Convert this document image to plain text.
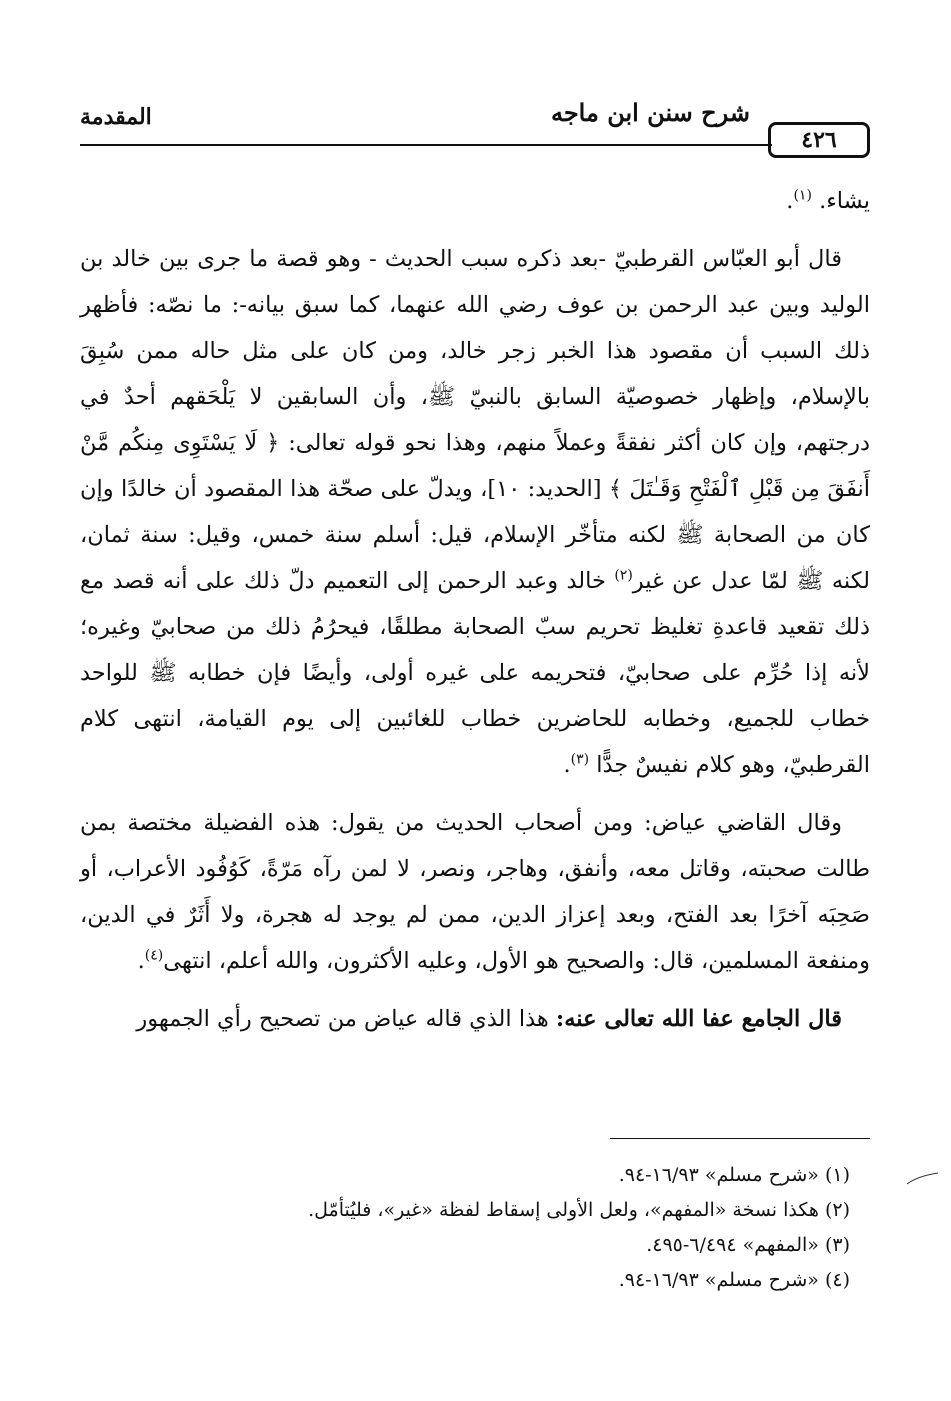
٤٢٦
شرح سنن ابن ماجه
المقدمة

يشاء. $^{(١)}$.

قال أبو العبّاس القرطبيّ -بعد ذكره سبب الحديث - وهو قصة ما جرى بين خالد بن الوليد وبين عبد الرحمن بن عوف رضي الله عنهما، كما سبق بيانه-: ما نصّه: فأظهر ذلك السبب أن مقصود هذا الخبر زجر خالد، ومن كان على مثل حاله ممن سُبِقَ بالإسلام، وإظهار خصوصيّة السابق بالنبيّ ﷺ، وأن السابقين لا يَلْحَقهم أحدٌ في درجتهم، وإن كان أكثر نفقةً وعملاً منهم، وهذا نحو قوله تعالى: ﴿ لَا يَسْتَوِى مِنكُم مَّنْ أَنفَقَ مِن قَبْلِ ٱلْفَتْحِ وَقَـٰتَلَ ﴾ [الحديد: ١٠]، ويدلّ على صحّة هذا المقصود أن خالدًا وإن كان من الصحابة ﷺ لكنه متأخّر الإسلام، قيل: أسلم سنة خمس، وقيل: سنة ثمان، لكنه ﷺ لمّا عدل عن غير$^{(٢)}$ خالد وعبد الرحمن إلى التعميم دلّ ذلك على أنه قصد مع ذلك تقعيد قاعدةِ تغليظ تحريم سبّ الصحابة مطلقًا، فيحرُمُ ذلك من صحابيّ وغيره؛ لأنه إذا حُرِّم على صحابيّ، فتحريمه على غيره أولى، وأيضًا فإن خطابه ﷺ للواحد خطاب للجميع، وخطابه للحاضرين خطاب للغائبين إلى يوم القيامة، انتهى كلام القرطبيّ، وهو كلام نفيسٌ جدًّا $^{(٣)}$.

وقال القاضي عياض: ومن أصحاب الحديث من يقول: هذه الفضيلة مختصة بمن طالت صحبته، وقاتل معه، وأنفق، وهاجر، ونصر، لا لمن رآه مَرّةً، كَوُفُود الأعراب، أو صَحِبَه آخرًا بعد الفتح، وبعد إعزاز الدين، ممن لم يوجد له هجرة، ولا أَثَرٌ في الدين، ومنفعة المسلمين، قال: والصحيح هو الأول، وعليه الأكثرون، والله أعلم، انتهى$^{(٤)}$.

قال الجامع عفا الله تعالى عنه: هذا الذي قاله عياض من تصحيح رأي الجمهور

(١) «شرح مسلم» ١٦/٩٣-٩٤.

(٢) هكذا نسخة «المفهم»، ولعل الأولى إسقاط لفظة «غير»، فليُتأمّل.

(٣) «المفهم» ٦/٤٩٤-٤٩٥.

(٤) «شرح مسلم» ١٦/٩٣-٩٤.
